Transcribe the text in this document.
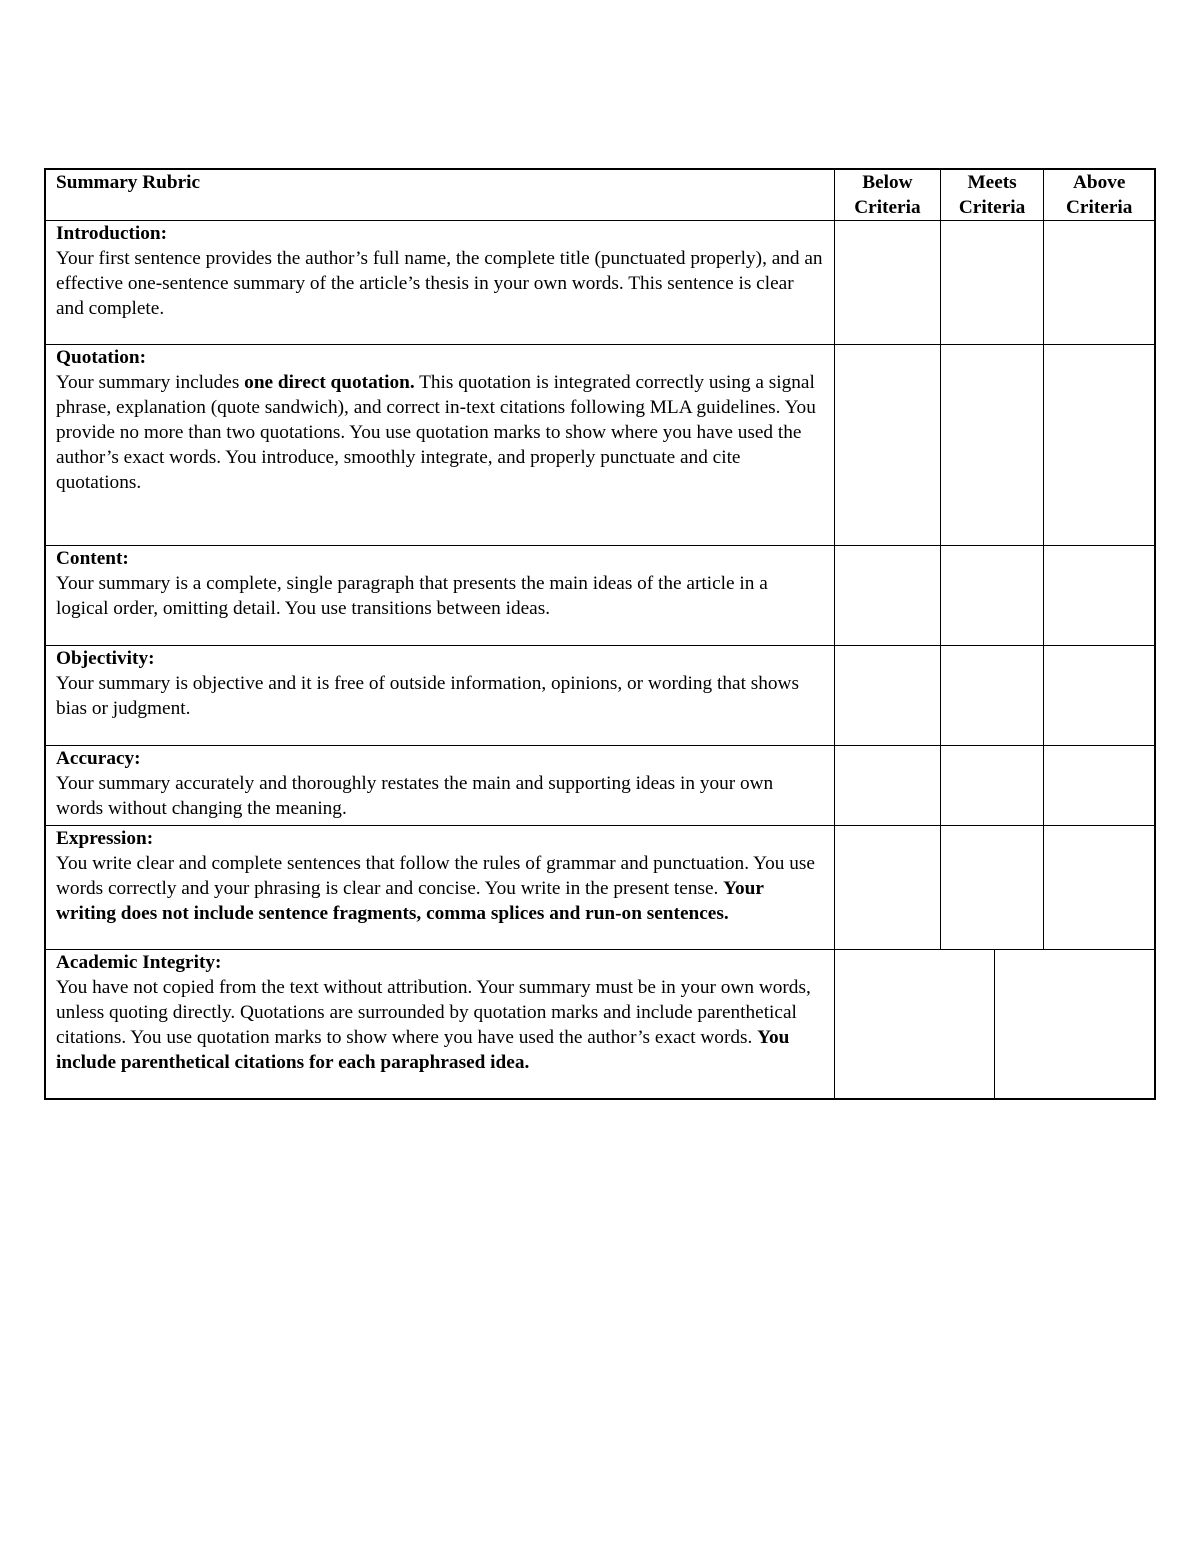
Summary Rubric	Below
Criteria
Meets
Criteria
Above
Criteria
Introduction:

Your first sentence provides the author’s full name, the complete title (punctuated properly), and an effective one-sentence summary of the article’s thesis in your own words. This sentence is clear and complete.

Quotation:

Your summary includes one direct quotation. This quotation is integrated correctly using a signal phrase, explanation (quote sandwich), and correct in-text citations following MLA guidelines. You provide no more than two quotations. You use quotation marks to show where you have used the author’s exact words. You introduce, smoothly integrate, and properly punctuate and cite quotations.

Content:

Your summary is a complete, single paragraph that presents the main ideas of the article in a logical order, omitting detail. You use transitions between ideas.

Objectivity:

Your summary is objective and it is free of outside information, opinions, or wording that shows bias or judgment.

Accuracy:

Your summary accurately and thoroughly restates the main and supporting ideas in your own words without changing the meaning.

Expression:

You write clear and complete sentences that follow the rules of grammar and punctuation. You use words correctly and your phrasing is clear and concise. You write in the present tense. Your writing does not include sentence fragments, comma splices and run-on sentences.

Academic Integrity:

You have not copied from the text without attribution. Your summary must be in your own words, unless quoting directly. Quotations are surrounded by quotation marks and include parenthetical citations. You use quotation marks to show where you have used the author’s exact words. You include parenthetical citations for each paraphrased idea.
